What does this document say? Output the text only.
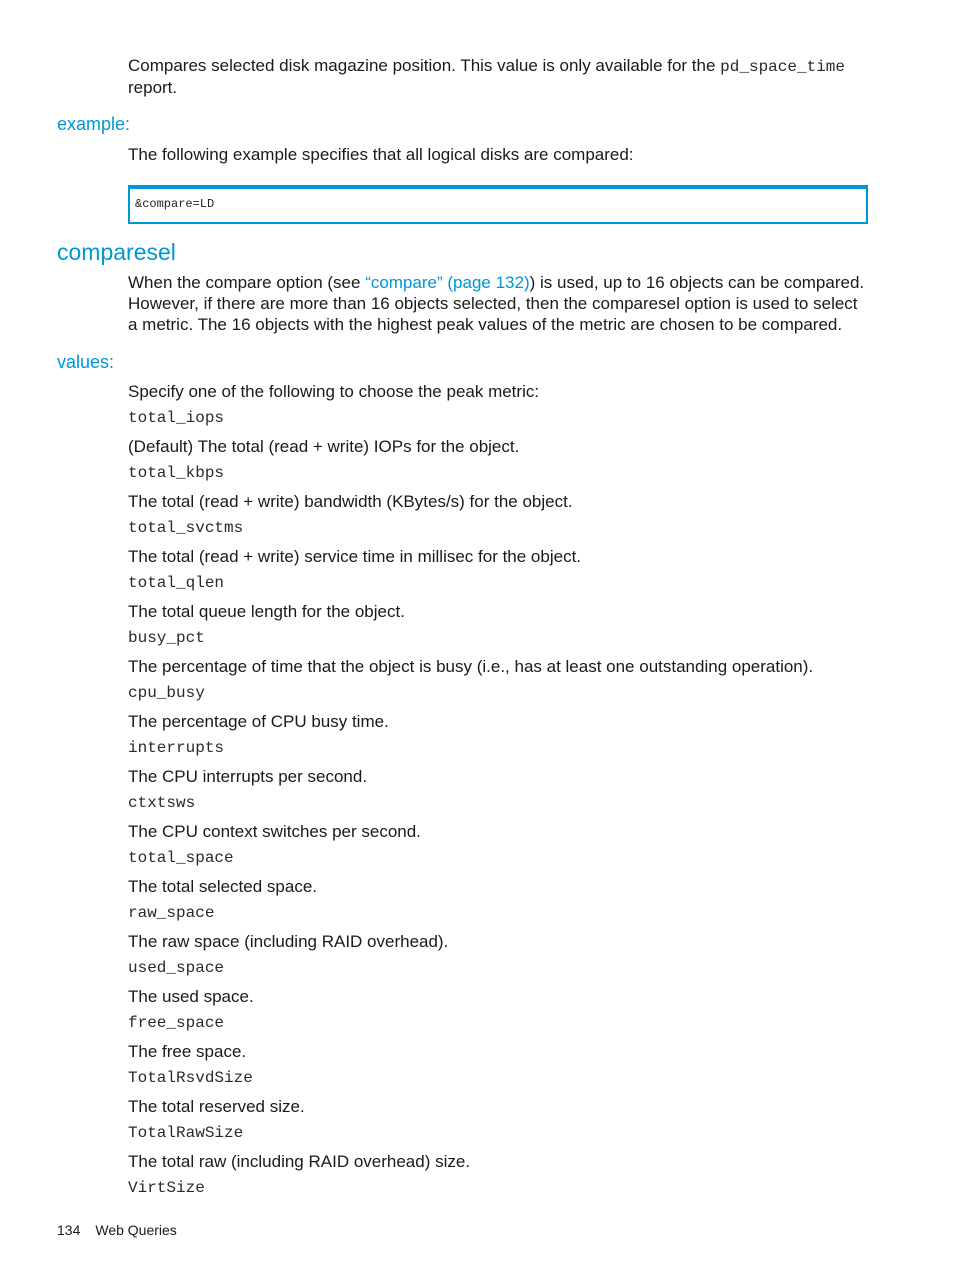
Compares selected disk magazine position. This value is only available for the pd_space_time
report.
example:
The following example specifies that all logical disks are compared:
&compare=LD
comparesel
When the compare option (see “compare” (page 132)) is used, up to 16 objects can be compared.
However, if there are more than 16 objects selected, then the comparesel option is used to select
a metric. The 16 objects with the highest peak values of the metric are chosen to be compared.
values:
Specify one of the following to choose the peak metric:
total_iops
(Default) The total (read + write) IOPs for the object.
total_kbps
The total (read + write) bandwidth (KBytes/s) for the object.
total_svctms
The total (read + write) service time in millisec for the object.
total_qlen
The total queue length for the object.
busy_pct
The percentage of time that the object is busy (i.e., has at least one outstanding operation).
cpu_busy
The percentage of CPU busy time.
interrupts
The CPU interrupts per second.
ctxtsws
The CPU context switches per second.
total_space
The total selected space.
raw_space
The raw space (including RAID overhead).
used_space
The used space.
free_space
The free space.
TotalRsvdSize
The total reserved size.
TotalRawSize
The total raw (including RAID overhead) size.
VirtSize
134 Web Queries
